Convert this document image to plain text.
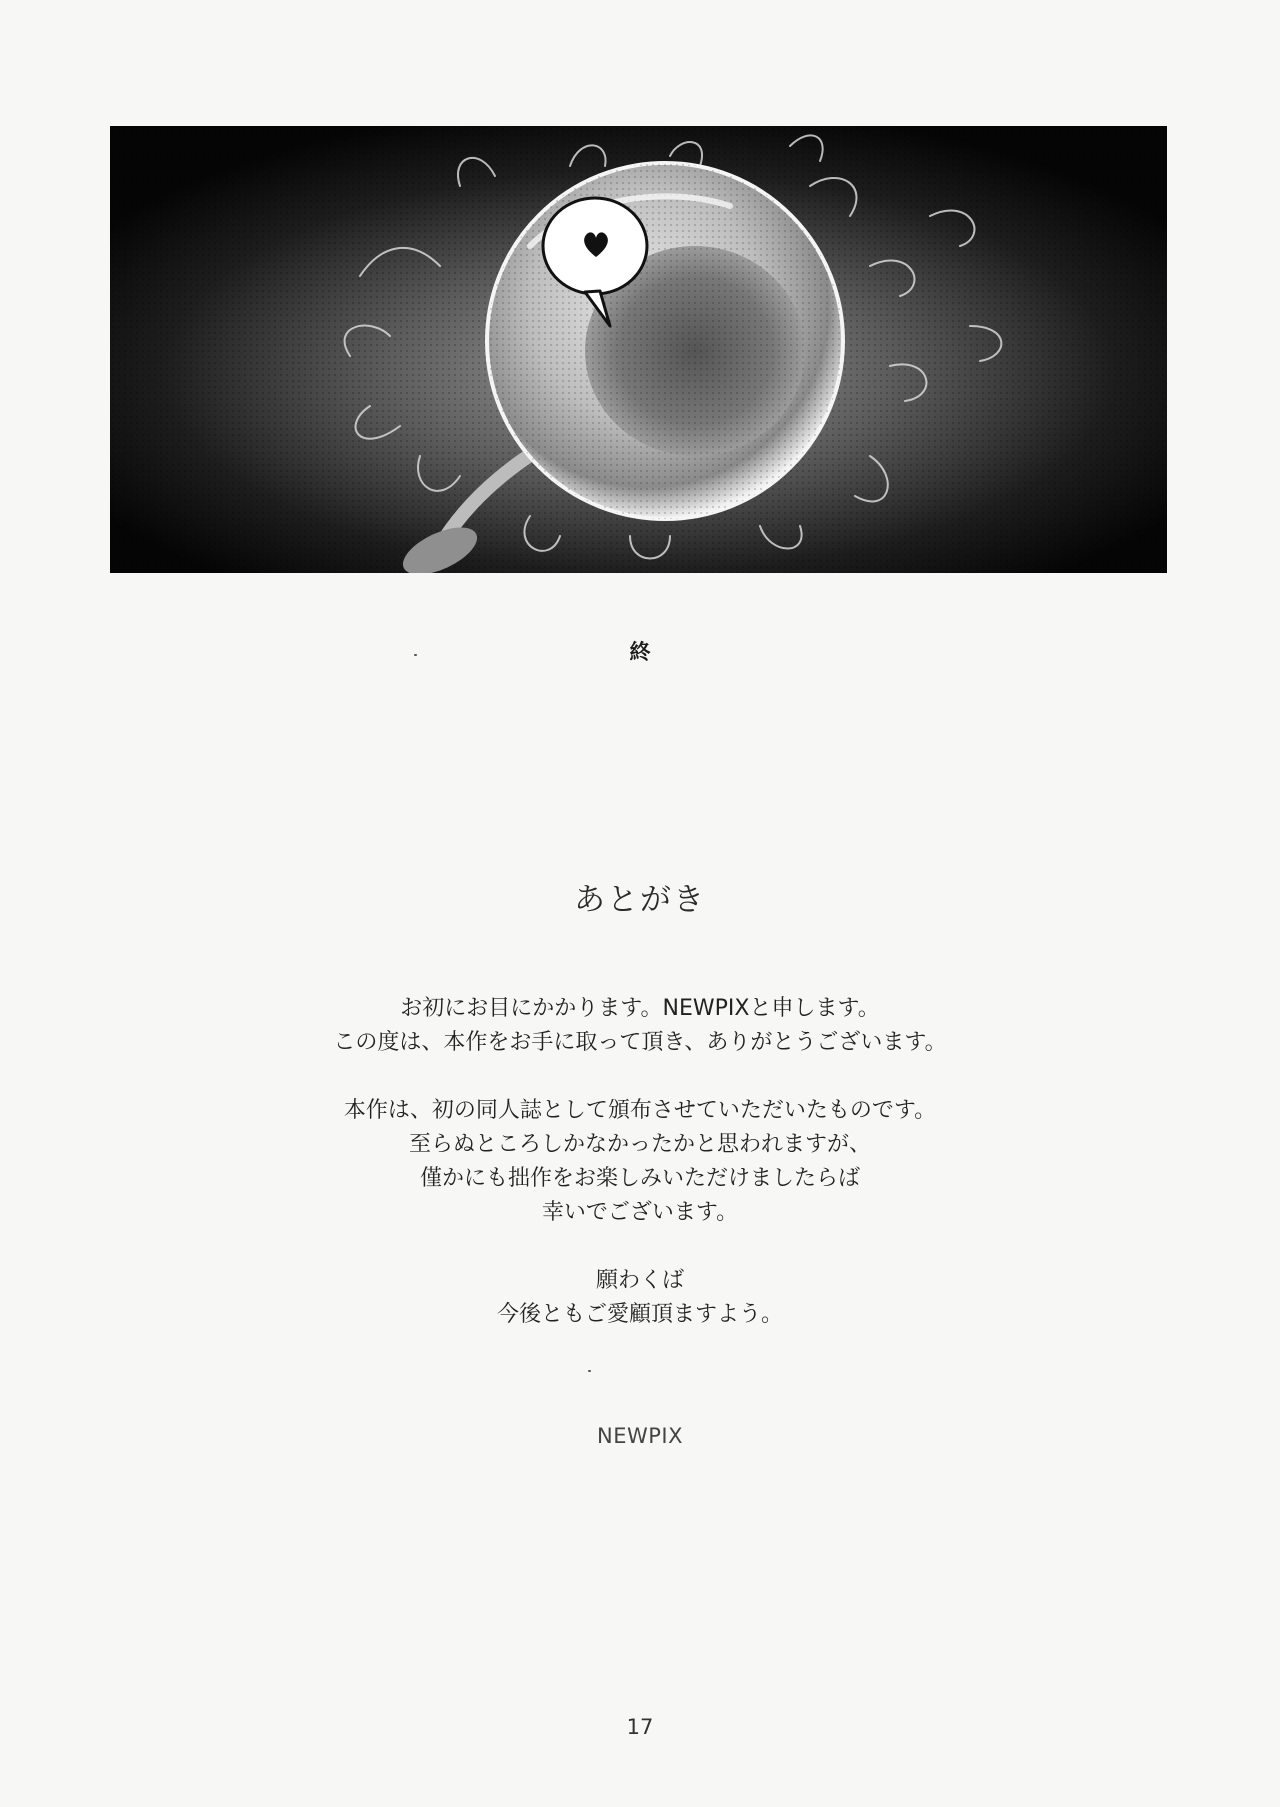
終
あとがき

お初にお目にかかります。NEWPIXと申します。

この度は、本作をお手に取って頂き、ありがとうございます。

本作は、初の同人誌として頒布させていただいたものです。

至らぬところしかなかったかと思われますが、

僅かにも拙作をお楽しみいただけましたらば

幸いでございます。

願わくば

今後ともご愛顧頂ますよう。

NEWPIX
17
